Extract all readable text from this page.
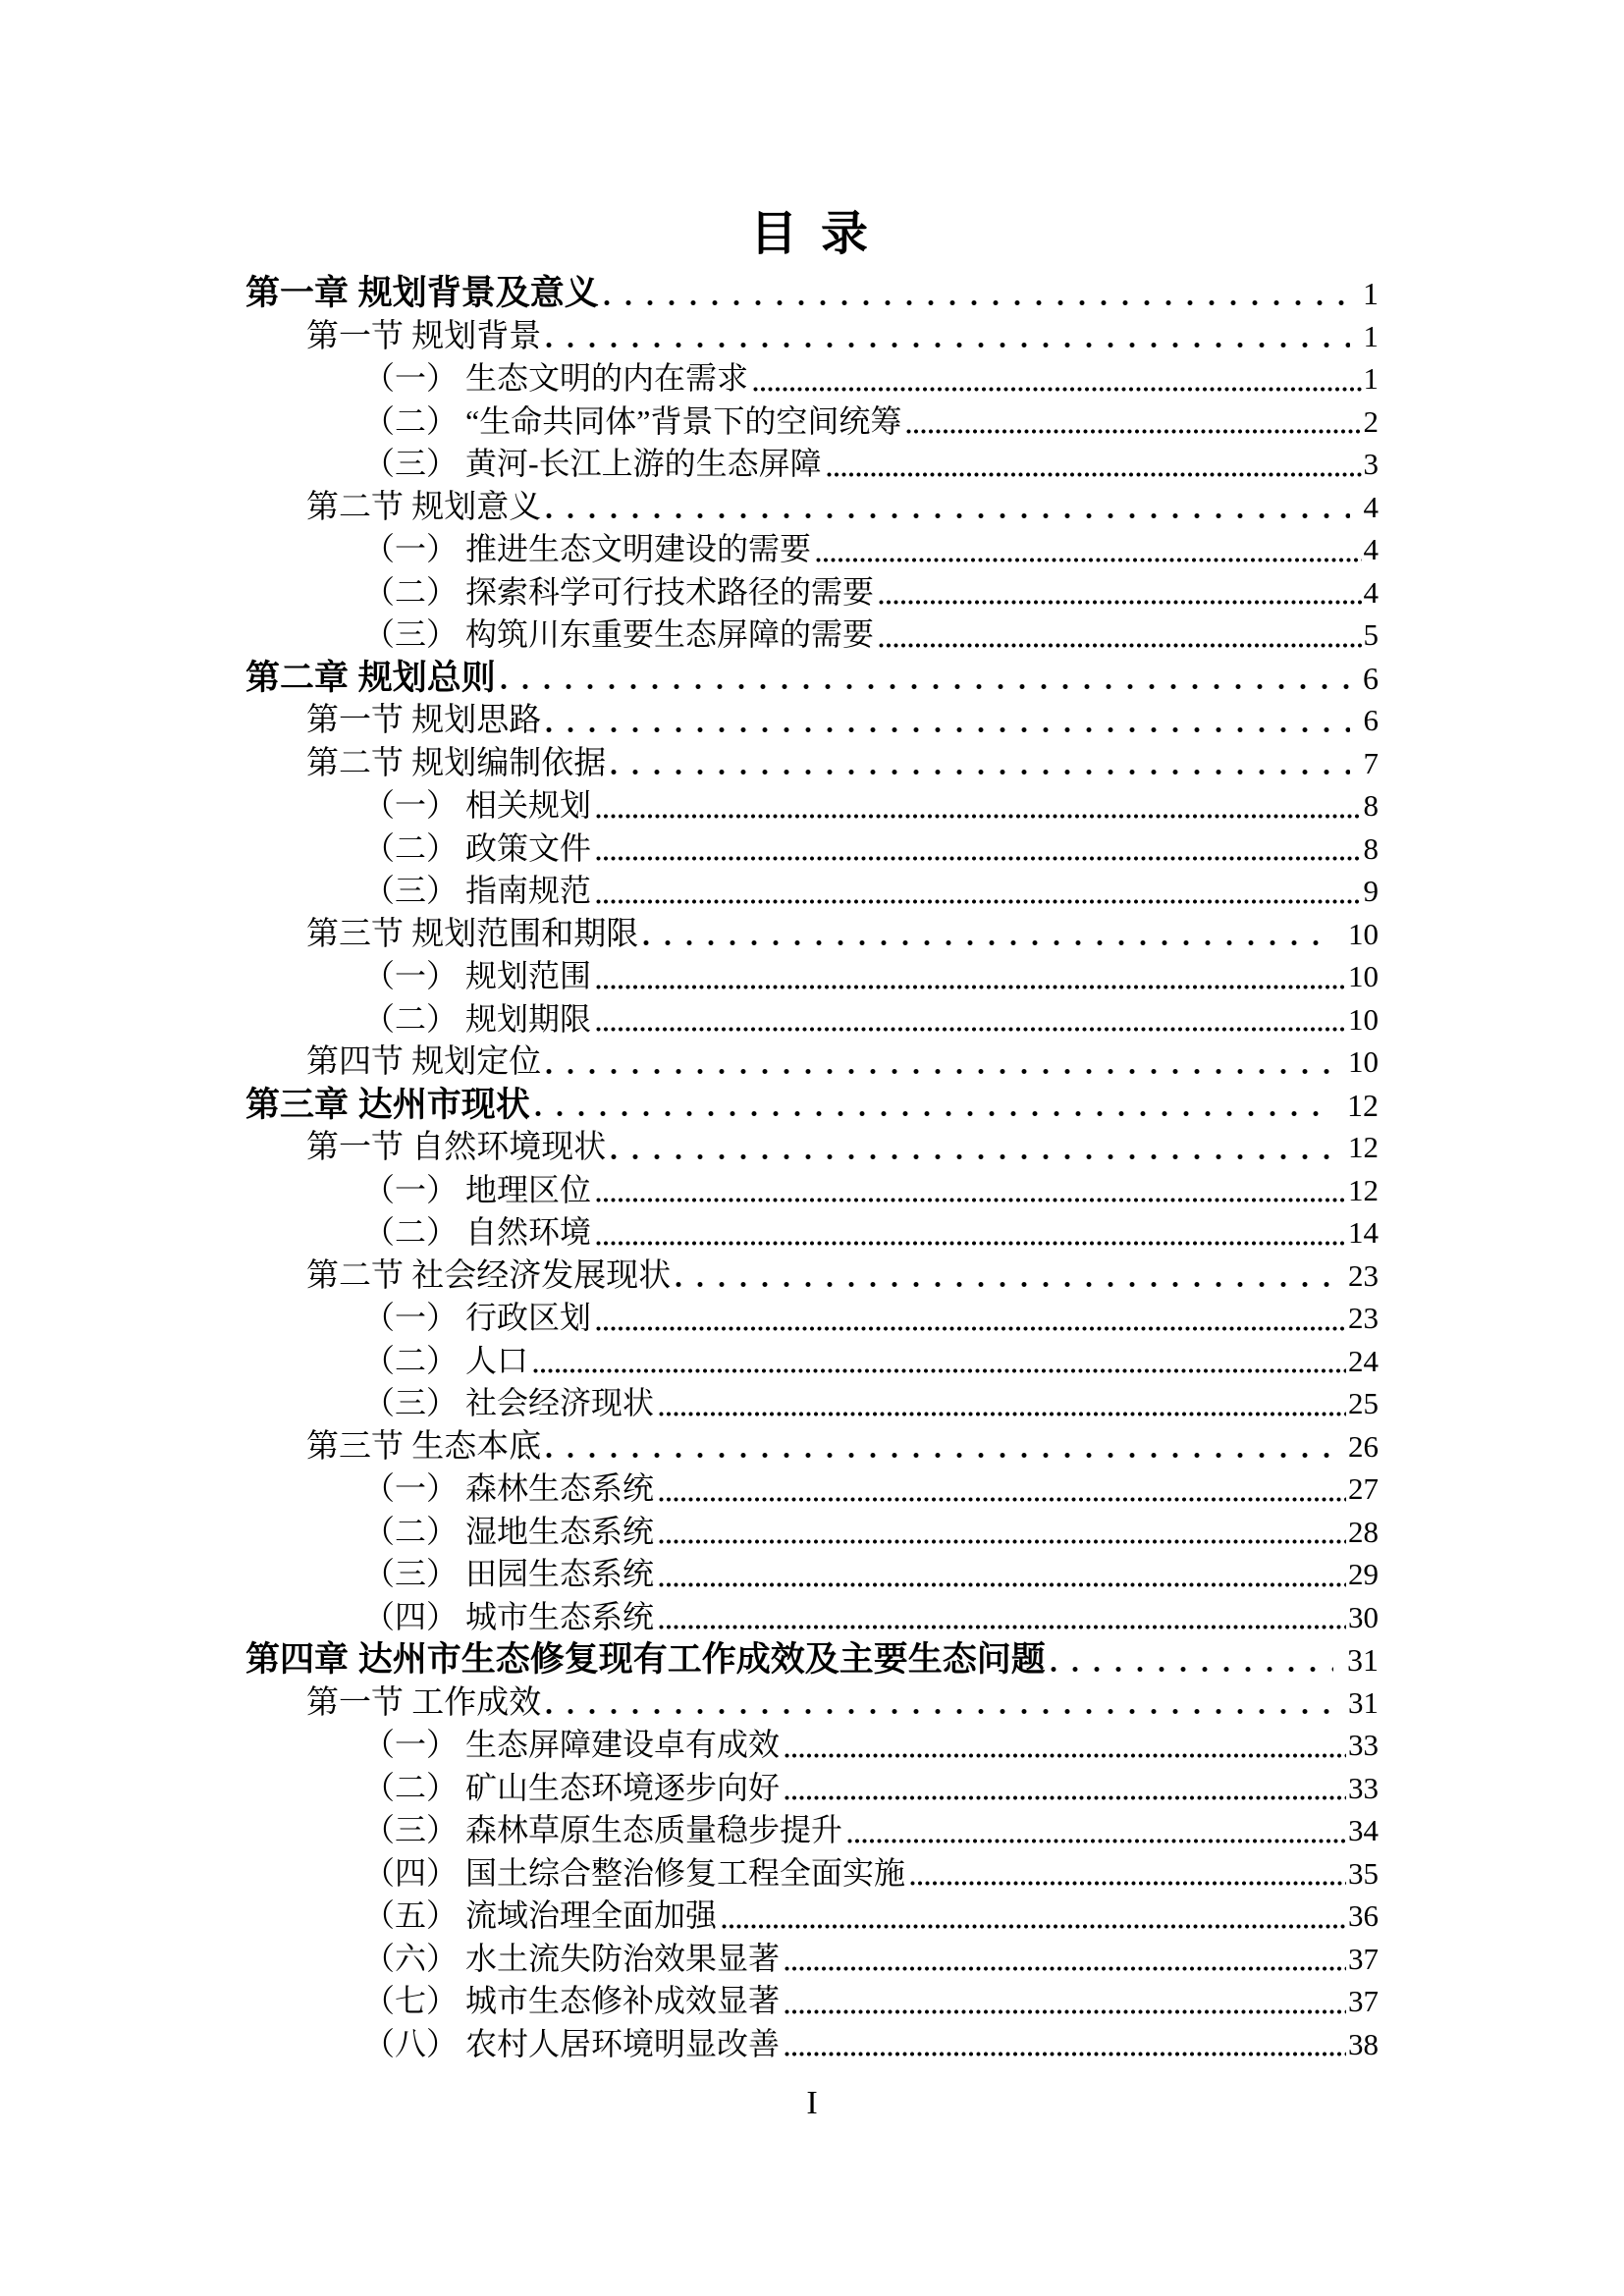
目 录
第一章 规划背景及意义	1
第一节 规划背景	1
（一） 生态文明的内在需求	1
（二） “生命共同体”背景下的空间统筹	2
（三） 黄河-长江上游的生态屏障	3
第二节 规划意义	4
（一） 推进生态文明建设的需要	4
（二） 探索科学可行技术路径的需要	4
（三） 构筑川东重要生态屏障的需要	5
第二章 规划总则	6
第一节 规划思路	6
第二节 规划编制依据	7
（一） 相关规划	8
（二） 政策文件	8
（三） 指南规范	9
第三节 规划范围和期限	10
（一） 规划范围	10
（二） 规划期限	10
第四节 规划定位	10
第三章 达州市现状	12
第一节 自然环境现状	12
（一） 地理区位	12
（二） 自然环境	14
第二节 社会经济发展现状	23
（一） 行政区划	23
（二） 人口	24
（三） 社会经济现状	25
第三节 生态本底	26
（一） 森林生态系统	27
（二） 湿地生态系统	28
（三） 田园生态系统	29
（四） 城市生态系统	30
第四章 达州市生态修复现有工作成效及主要生态问题	31
第一节 工作成效	31
（一） 生态屏障建设卓有成效	33
（二） 矿山生态环境逐步向好	33
（三） 森林草原生态质量稳步提升	34
（四） 国土综合整治修复工程全面实施	35
（五） 流域治理全面加强	36
（六） 水土流失防治效果显著	37
（七） 城市生态修补成效显著	37
（八） 农村人居环境明显改善	38
I
